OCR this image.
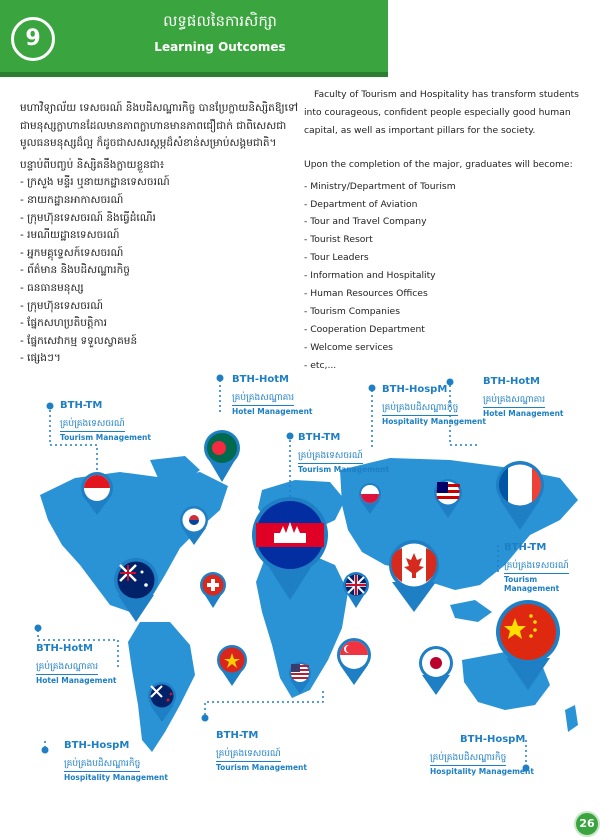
9
លទ្ធផលនៃការសិក្សា
Learning Outcomes
មហាវិទ្យាល័យ ទេសចរណ៍ និងបដិសណ្ឋារកិច្ច បានប្រែក្លាយនិស្សិតឱ្យទៅជាមនុស្សក្លាហានដែលមានភាពក្លាហានមានភាពជឿជាក់ ជាពិសេសជាមូលធនមនុស្សដ៏ល្អ ក៏ដូចជាសសរស្តម្ភដ៏សំខាន់សម្រាប់សង្គមជាតិ។
បន្ទាប់ពីបញ្ចប់ និស្សិតនឹងក្លាយខ្លួនជា៖
- ក្រសួង មន្ទីរ ឬនាយកដ្ឋានទេសចរណ៍
- នាយកដ្ឋានអាកាសចរណ៍
- ក្រុមហ៊ុនទេសចរណ៍ និងធ្វើដំណើរ
- រមណីយដ្ឋានទេសចរណ៍
- អ្នកមគ្គុទ្ទេសក៍ទេសចរណ៍
- ព័ត៌មាន និងបដិសណ្ឋារកិច្ច
- ធនធានមនុស្ស
- ក្រុមហ៊ុនទេសចរណ៍
- ផ្នែកសហប្រតិបត្តិការ
- ផ្នែកសេវាកម្ម ទទួលស្វាគមន៍
- ផ្សេងៗ។
Faculty of Tourism and Hospitality has transform students into courageous, confident people especially good human capital, as well as important pillars for the society.
Upon the completion of the major, graduates will become:
- Ministry/Department of Tourism
- Department of Aviation
- Tour and Travel Company
- Tourist Resort
- Tour Leaders
- Information and Hospitality
- Human Resources Offices
- Tourism Companies
- Cooperation Department
- Welcome services
- etc,...
BTH-TM
គ្រប់គ្រងទេសចរណ៍
Tourism Management
BTH-HotM
គ្រប់គ្រងសណ្ឋាគារ
Hotel Management
BTH-HospM
គ្រប់គ្រងបដិសណ្ឋារកិច្ច
Hospitality Management
BTH-HotM
គ្រប់គ្រងសណ្ឋាគារ
Hotel Management
BTH-TM
គ្រប់គ្រងទេសចរណ៍
Tourism Management
BTH-TM
គ្រប់គ្រងទេសចរណ៍
Tourism Management
BTH-HotM
គ្រប់គ្រងសណ្ឋាគារ
Hotel Management
BTH-HospM
គ្រប់គ្រងបដិសណ្ឋារកិច្ច
Hospitality Management
BTH-TM
គ្រប់គ្រងទេសចរណ៍
Tourism Management
BTH-HospM
គ្រប់គ្រងបដិសណ្ឋារកិច្ច
Hospitality Management
26
